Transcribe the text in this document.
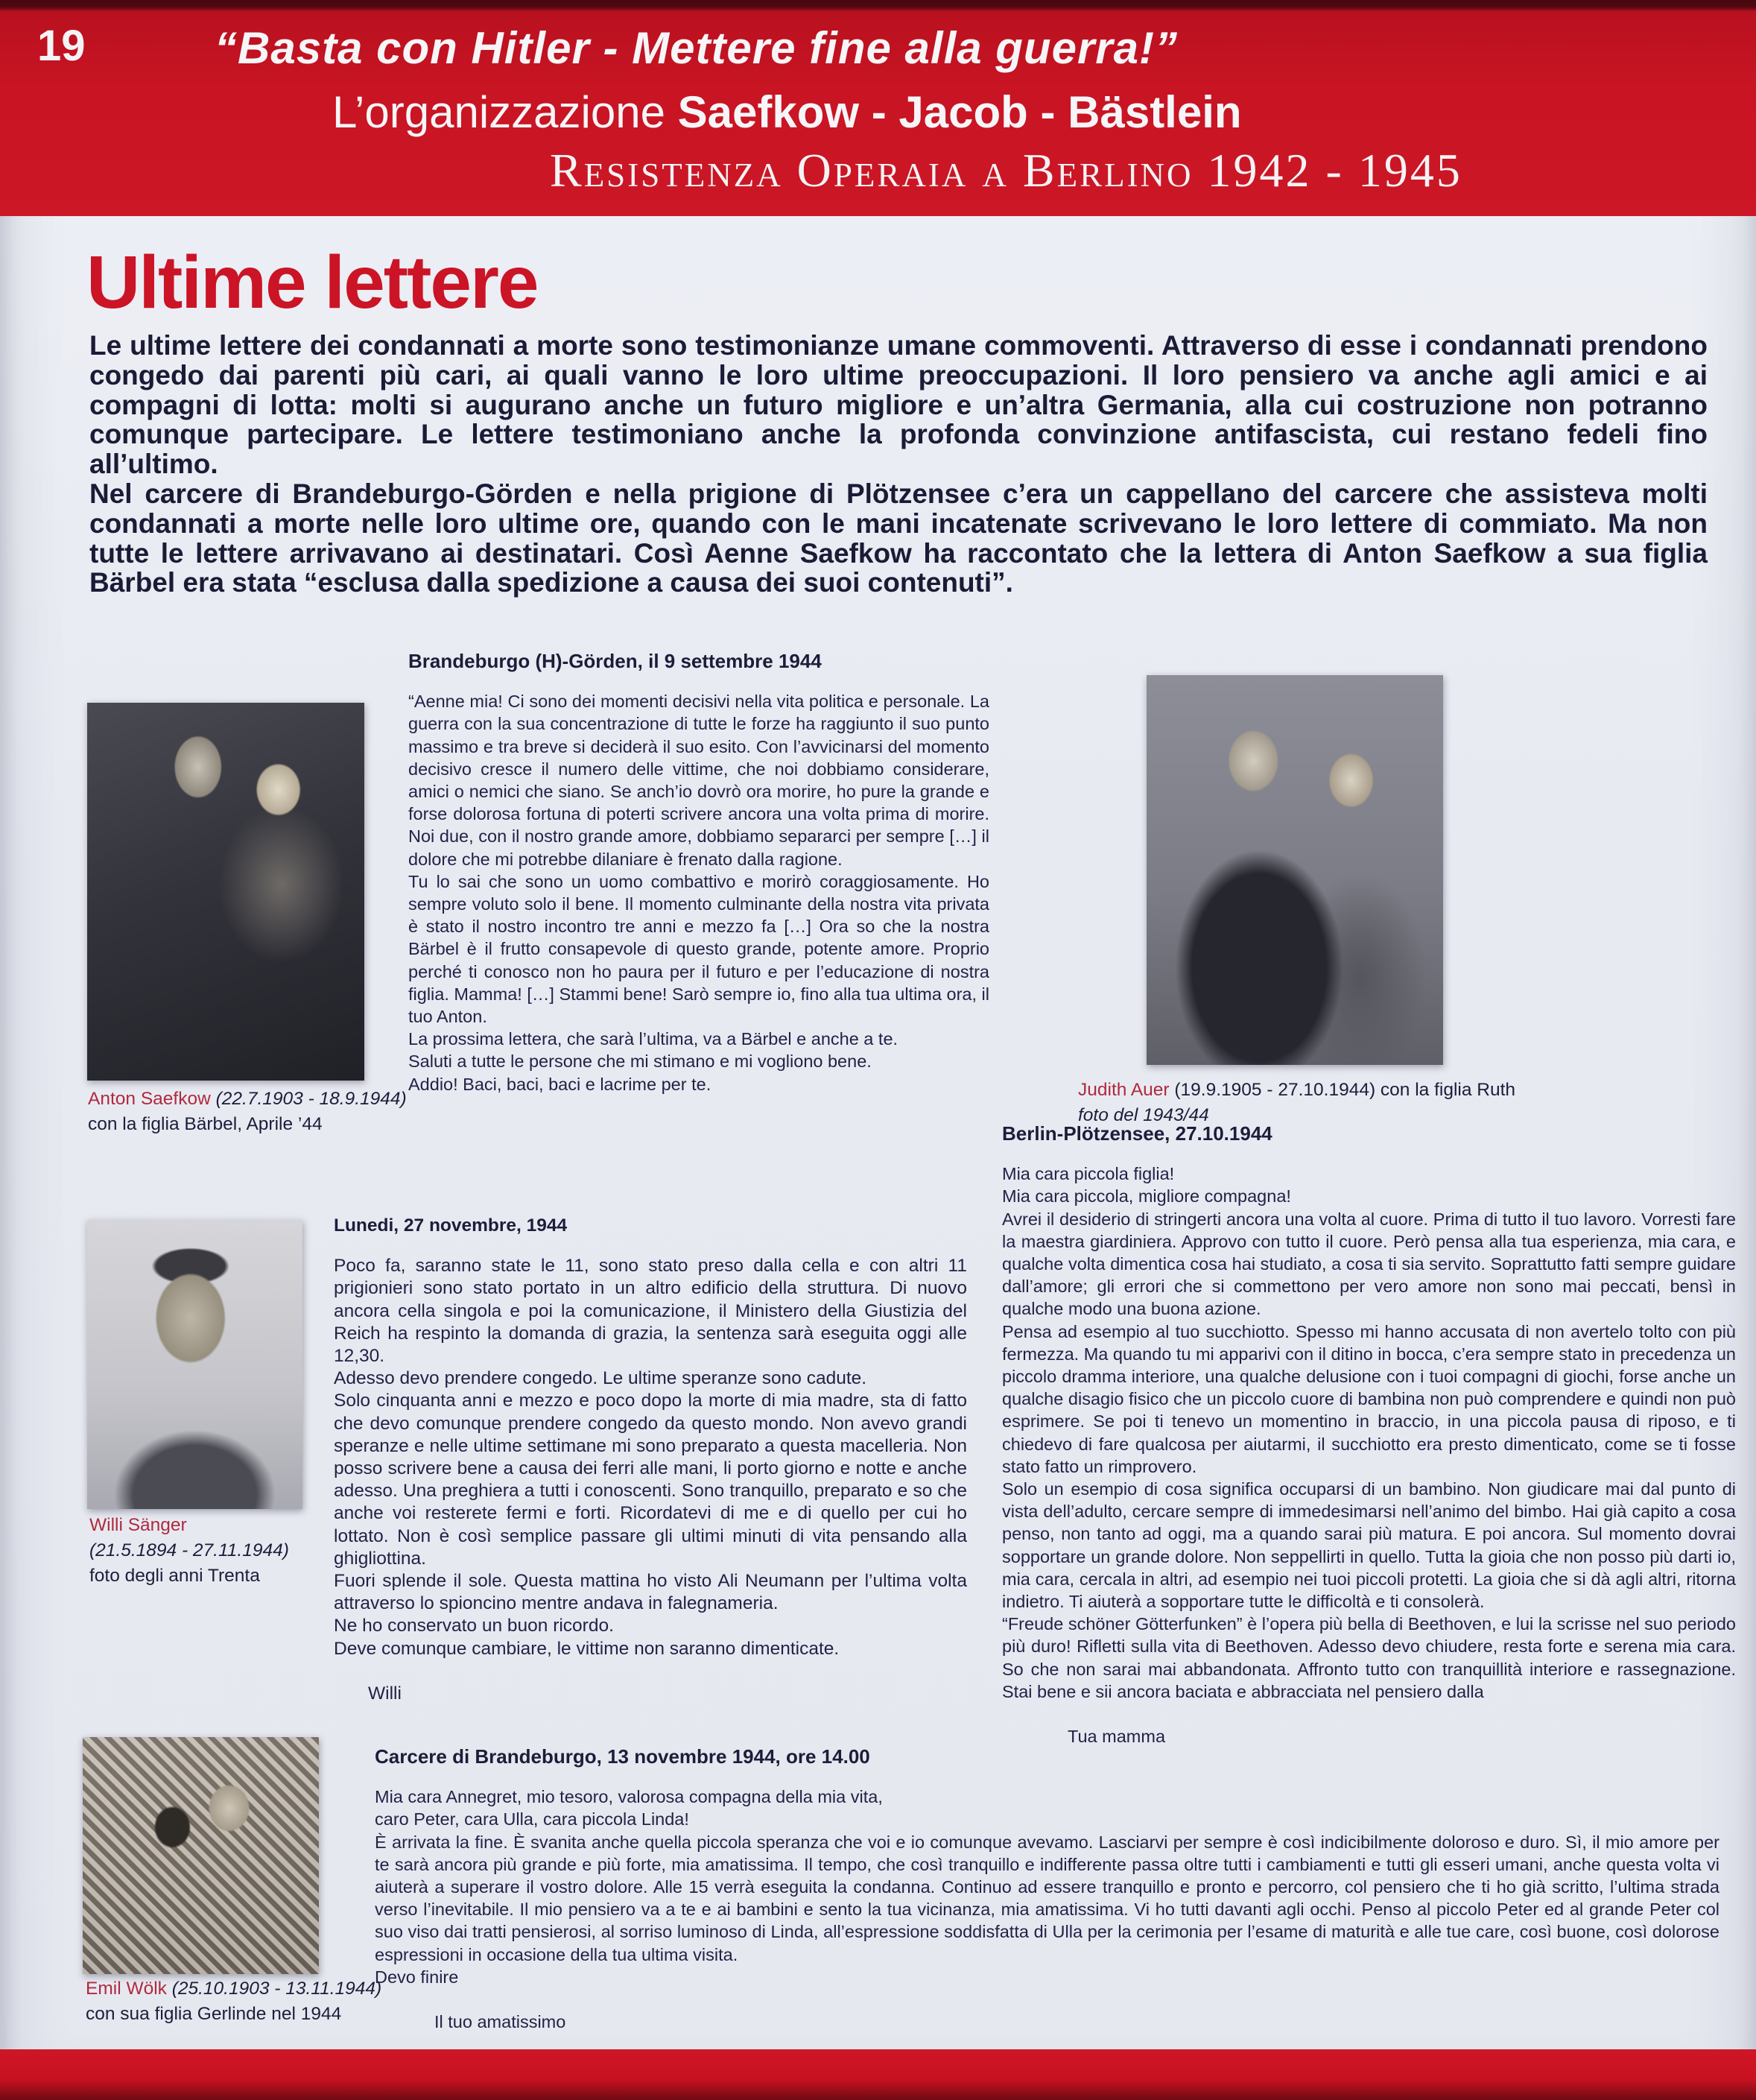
19	“Basta con Hitler - Mettere fine alla guerra!”
L’organizzazione Saefkow - Jacob - Bästlein
Resistenza Operaia a Berlino 1942 - 1945
Ultime lettere

Le ultime lettere dei condannati a morte sono testimonianze umane commoventi. Attraverso di esse i condannati prendono congedo dai parenti più cari, ai quali vanno le loro ultime preoccupazioni. Il loro pensiero va anche agli amici e ai compagni di lotta: molti si augurano anche un futuro migliore e un’altra Germania, alla cui costruzione non potranno comunque partecipare. Le lettere testimoniano anche la profonda convinzione antifascista, cui restano fedeli fino all’ultimo.

Nel carcere di Brandeburgo-Görden e nella prigione di Plötzensee c’era un cappellano del carcere che assisteva molti condannati a morte nelle loro ultime ore, quando con le mani incatenate scrivevano le loro lettere di commiato. Ma non tutte le lettere arrivavano ai destinatari. Così Aenne Saefkow ha raccontato che la lettera di Anton Saefkow a sua figlia Bärbel era stata “esclusa dalla spedizione a causa dei suoi contenuti”.

Anton Saefkow (22.7.1903 - 18.9.1944)
con la figlia Bärbel, Aprile ’44

Brandeburgo (H)-Görden, il 9 settembre 1944

“Aenne mia! Ci sono dei momenti decisivi nella vita politica e personale. La guerra con la sua concentrazione di tutte le forze ha raggiunto il suo punto massimo e tra breve si deciderà il suo esito. Con l’avvicinarsi del momento decisivo cresce il numero delle vittime, che noi dobbiamo considerare, amici o nemici che siano. Se anch’io dovrò ora morire, ho pure la grande e forse dolorosa fortuna di poterti scrivere ancora una volta prima di morire. Noi due, con il nostro grande amore, dobbiamo separarci per sempre […] il dolore che mi potrebbe dilaniare è frenato dalla ragione.

Tu lo sai che sono un uomo combattivo e morirò coraggiosamente. Ho sempre voluto solo il bene. Il momento culminante della nostra vita privata è stato il nostro incontro tre anni e mezzo fa […] Ora so che la nostra Bärbel è il frutto consapevole di questo grande, potente amore. Proprio perché ti conosco non ho paura per il futuro e per l’educazione di nostra figlia. Mamma! […] Stammi bene! Sarò sempre io, fino alla tua ultima ora, il tuo Anton.

La prossima lettera, che sarà l’ultima, va a Bärbel e anche a te.

Saluti a tutte le persone che mi stimano e mi vogliono bene.

Addio! Baci, baci, baci e lacrime per te.	Judith Auer (19.9.1905 - 27.10.1944) con la figlia Ruth
foto del 1943/44

Berlin-Plötzensee, 27.10.1944

Mia cara piccola figlia!

Mia cara piccola, migliore compagna!

Avrei il desiderio di stringerti ancora una volta al cuore. Prima di tutto il tuo lavoro. Vorresti fare la maestra giardiniera. Approvo con tutto il cuore. Però pensa alla tua esperienza, mia cara, e qualche volta dimentica cosa hai studiato, a cosa ti sia servito. Soprattutto fatti sempre guidare dall’amore; gli errori che si commettono per vero amore non sono mai peccati, bensì in qualche modo una buona azione.

Pensa ad esempio al tuo succhiotto. Spesso mi hanno accusata di non avertelo tolto con più fermezza. Ma quando tu mi apparivi con il ditino in bocca, c’era sempre stato in precedenza un piccolo dramma interiore, una qualche delusione con i tuoi compagni di giochi, forse anche un qualche disagio fisico che un piccolo cuore di bambina non può comprendere e quindi non può esprimere. Se poi ti tenevo un momentino in braccio, in una piccola pausa di riposo, e ti chiedevo di fare qualcosa per aiutarmi, il succhiotto era presto dimenticato, come se ti fosse stato fatto un rimprovero.

Solo un esempio di cosa significa occuparsi di un bambino. Non giudicare mai dal punto di vista dell’adulto, cercare sempre di immedesimarsi nell’animo del bimbo. Hai già capito a cosa penso, non tanto ad oggi, ma a quando sarai più matura. E poi ancora. Sul momento dovrai sopportare un grande dolore. Non seppellirti in quello. Tutta la gioia che non posso più darti io, mia cara, cercala in altri, ad esempio nei tuoi piccoli protetti. La gioia che si dà agli altri, ritorna indietro. Ti aiuterà a sopportare tutte le difficoltà e ti consolerà.

“Freude schöner Götterfunken” è l’opera più bella di Beethoven, e lui la scrisse nel suo periodo più duro! Rifletti sulla vita di Beethoven. Adesso devo chiudere, resta forte e serena mia cara. So che non sarai mai abbandonata. Affronto tutto con tranquillità interiore e rassegnazione. Stai bene e sii ancora baciata e abbracciata nel pensiero dalla

Tua mamma

Willi Sänger
(21.5.1894 - 27.11.1944)
foto degli anni Trenta

Lunedi, 27 novembre, 1944

Poco fa, saranno state le 11, sono stato preso dalla cella e con altri 11 prigionieri sono stato portato in un altro edificio della struttura. Di nuovo ancora cella singola e poi la comunicazione, il Ministero della Giustizia del Reich ha respinto la domanda di grazia, la sentenza sarà eseguita oggi alle 12,30.

Adesso devo prendere congedo. Le ultime speranze sono cadute.

Solo cinquanta anni e mezzo e poco dopo la morte di mia madre, sta di fatto che devo comunque prendere congedo da questo mondo. Non avevo grandi speranze e nelle ultime settimane mi sono preparato a questa macelleria. Non posso scrivere bene a causa dei ferri alle mani, li porto giorno e notte e anche adesso. Una preghiera a tutti i conoscenti. Sono tranquillo, preparato e so che anche voi resterete fermi e forti. Ricordatevi di me e di quello per cui ho lottato. Non è così semplice passare gli ultimi minuti di vita pensando alla ghigliottina.

Fuori splende il sole. Questa mattina ho visto Ali Neumann per l’ultima volta attraverso lo spioncino mentre andava in falegnameria.

Ne ho conservato un buon ricordo.

Deve comunque cambiare, le vittime non saranno dimenticate.

Willi

Emil Wölk (25.10.1903 - 13.11.1944)
con sua figlia Gerlinde nel 1944

Carcere di Brandeburgo, 13 novembre 1944, ore 14.00

Mia cara Annegret, mio tesoro, valorosa compagna della mia vita,

caro Peter, cara Ulla, cara piccola Linda!

È arrivata la fine. È svanita anche quella piccola speranza che voi e io comunque avevamo. Lasciarvi per sempre è così indicibilmente doloroso e duro. Sì, il mio amore per te sarà ancora più grande e più forte, mia amatissima. Il tempo, che così tranquillo e indifferente passa oltre tutti i cambiamenti e tutti gli esseri umani, anche questa volta vi aiuterà a superare il vostro dolore. Alle 15 verrà eseguita la condanna. Continuo ad essere tranquillo e pronto e percorro, col pensiero che ti ho già scritto, l’ultima strada verso l’inevitabile. Il mio pensiero va a te e ai bambini e sento la tua vicinanza, mia amatissima. Vi ho tutti davanti agli occhi. Penso al piccolo Peter ed al grande Peter col suo viso dai tratti pensierosi, al sorriso luminoso di Linda, all’espressione soddisfatta di Ulla per la cerimonia per l’esame di maturità e alle tue care, così buone, così dolorose espressioni in occasione della tua ultima visita.

Devo finire

Il tuo amatissimo
